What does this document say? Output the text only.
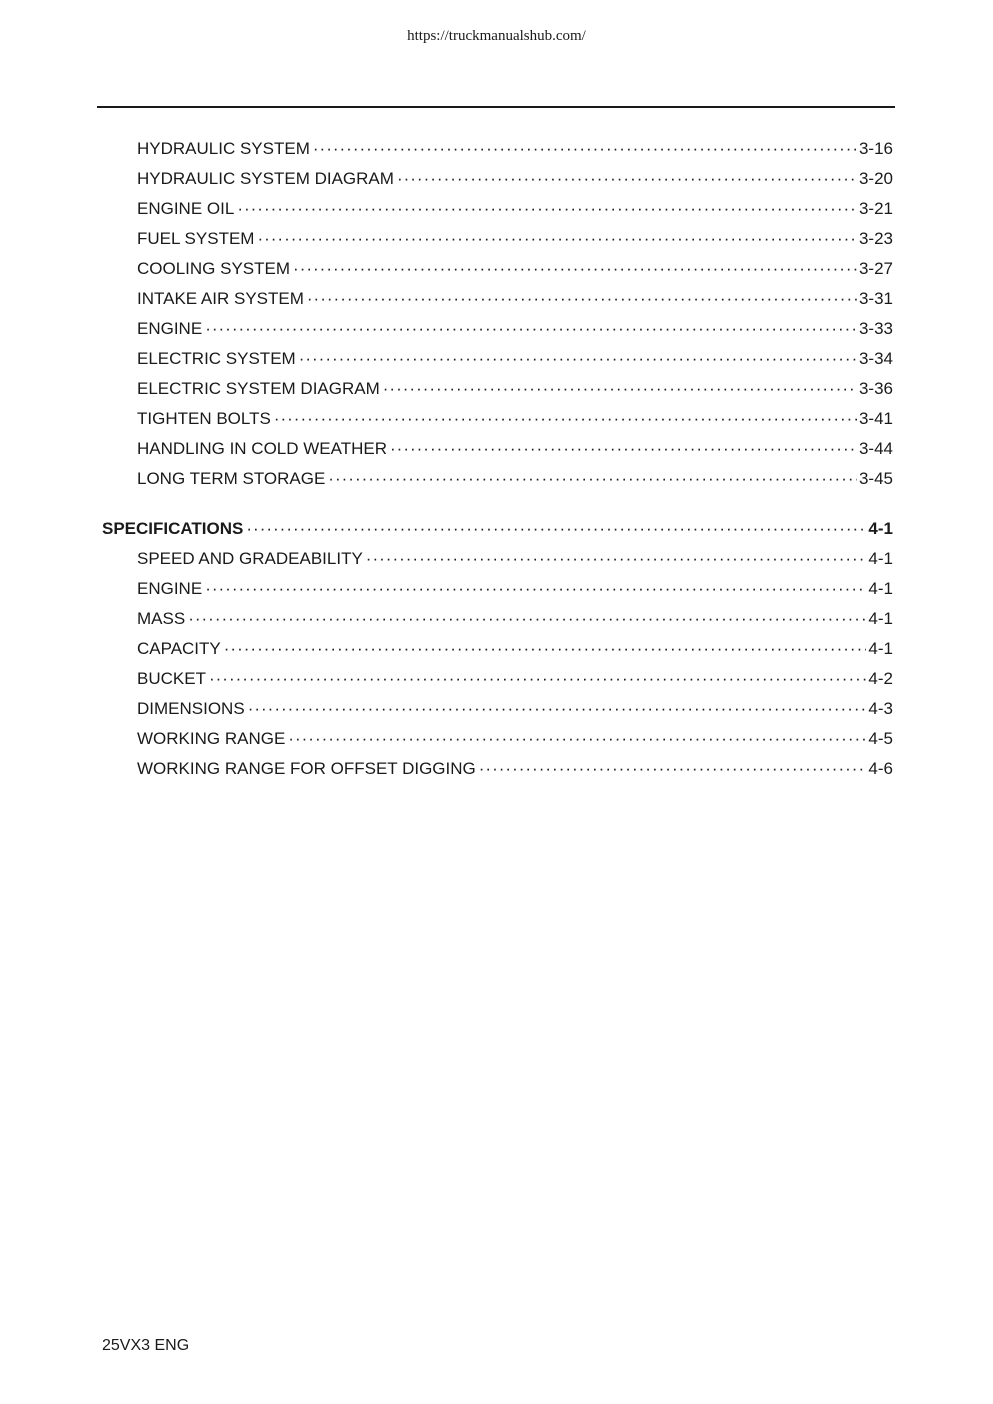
https://truckmanualshub.com/
HYDRAULIC SYSTEM ·····	3-16
HYDRAULIC SYSTEM DIAGRAM ·····	3-20
ENGINE OIL ·····	3-21
FUEL SYSTEM ·····	3-23
COOLING SYSTEM ·····	3-27
INTAKE AIR SYSTEM ·····	3-31
ENGINE ·····	3-33
ELECTRIC SYSTEM ·····	3-34
ELECTRIC SYSTEM DIAGRAM ·····	3-36
TIGHTEN BOLTS ·····	3-41
HANDLING IN COLD WEATHER ·····	3-44
LONG TERM STORAGE ·····	3-45
SPECIFICATIONS ·····	4-1
SPEED AND GRADEABILITY ·····	4-1
ENGINE ·····	4-1
MASS ·····	4-1
CAPACITY ·····	4-1
BUCKET ·····	4-2
DIMENSIONS ·····	4-3
WORKING RANGE ·····	4-5
WORKING RANGE FOR OFFSET DIGGING ·····	4-6
25VX3 ENG
